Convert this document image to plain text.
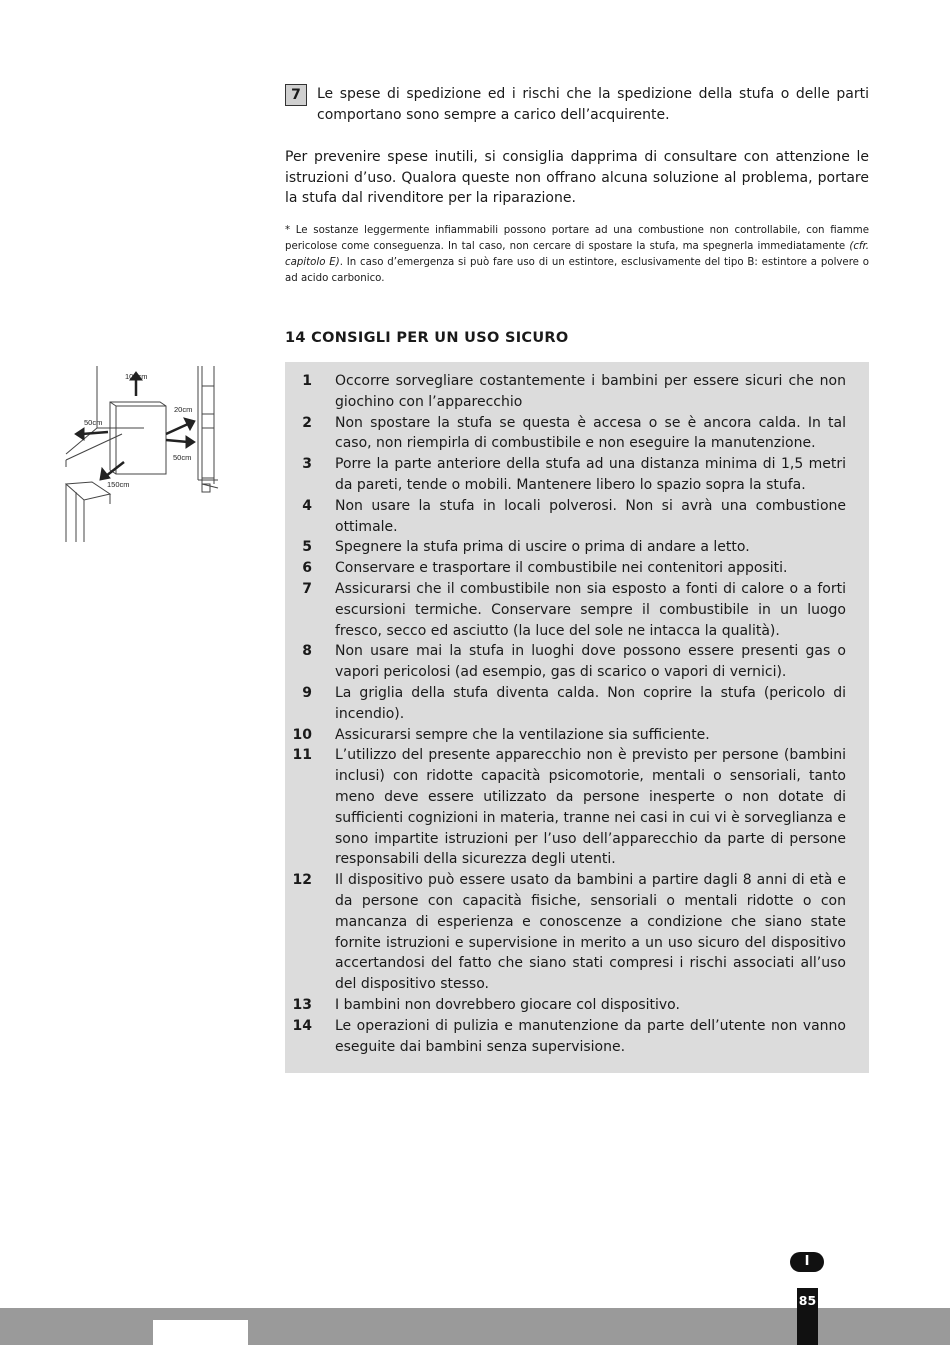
7	Le spese di spedizione ed i rischi che la spedizione della stufa o delle parti comportano sono sempre a carico dell’acquirente.
Per prevenire spese inutili, si consiglia dapprima di consultare con attenzione le istruzioni d’uso. Qualora queste non offrano alcuna soluzione al problema, portare la stufa dal rivenditore per la riparazione.
* Le sostanze leggermente infiammabili possono portare ad una combustione non controllabile, con fiamme pericolose come conseguenza. In tal caso, non cercare di spostare la stufa, ma spegnerla immediatamente (cfr. capitolo E). In caso d’emergenza si può fare uso di un estintore, esclusivamente del tipo B: estintore a polvere o ad acido carbonico.
14 CONSIGLI PER UN USO SICURO
100cm
50cm
20cm
50cm
150cm
1 Occorre sorvegliare costantemente i bambini per essere sicuri che non giochino con l’apparecchio
2 Non spostare la stufa se questa è accesa o se è ancora calda. In tal caso, non riempirla di combustibile e non eseguire la manutenzione.
3 Porre la parte anteriore della stufa ad una distanza minima di 1,5 metri da pareti, tende o mobili. Mantenere libero lo spazio sopra la stufa.
4 Non usare la stufa in locali polverosi. Non si avrà una combustione ottimale.
5 Spegnere la stufa prima di uscire o prima di andare a letto.
6 Conservare e trasportare il combustibile nei contenitori appositi.
7 Assicurarsi che il combustibile non sia esposto a fonti di calore o a forti escursioni termiche. Conservare sempre il combustibile in un luogo fresco, secco ed asciutto (la luce del sole ne intacca la qualità).
8 Non usare mai la stufa in luoghi dove possono essere presenti gas o vapori pericolosi (ad esempio, gas di scarico o vapori di vernici).
9 La griglia della stufa diventa calda. Non coprire la stufa (pericolo di incendio).
10 Assicurarsi sempre che la ventilazione sia sufficiente.
11 L’utilizzo del presente apparecchio non è previsto per persone (bambini inclusi) con ridotte capacità psicomotorie, mentali o sensoriali, tanto meno deve essere utilizzato da persone inesperte o non dotate di sufficienti cognizioni in materia, tranne nei casi in cui vi è sorveglianza e sono impartite istruzioni per l’uso dell’apparecchio da parte di persone responsabili della sicurezza degli utenti.
12 Il dispositivo può essere usato da bambini a partire dagli 8 anni di età e da persone con capacità fisiche, sensoriali o mentali ridotte o con mancanza di esperienza e conoscenze a condizione che siano state fornite istruzioni e supervisione in merito a un uso sicuro del dispositivo accertandosi del fatto che siano stati compresi i rischi associati all’uso del dispositivo stesso.
13 I bambini non dovrebbero giocare col dispositivo.
14 Le operazioni di pulizia e manutenzione da parte dell’utente non vanno eseguite dai bambini senza supervisione.
I
85
